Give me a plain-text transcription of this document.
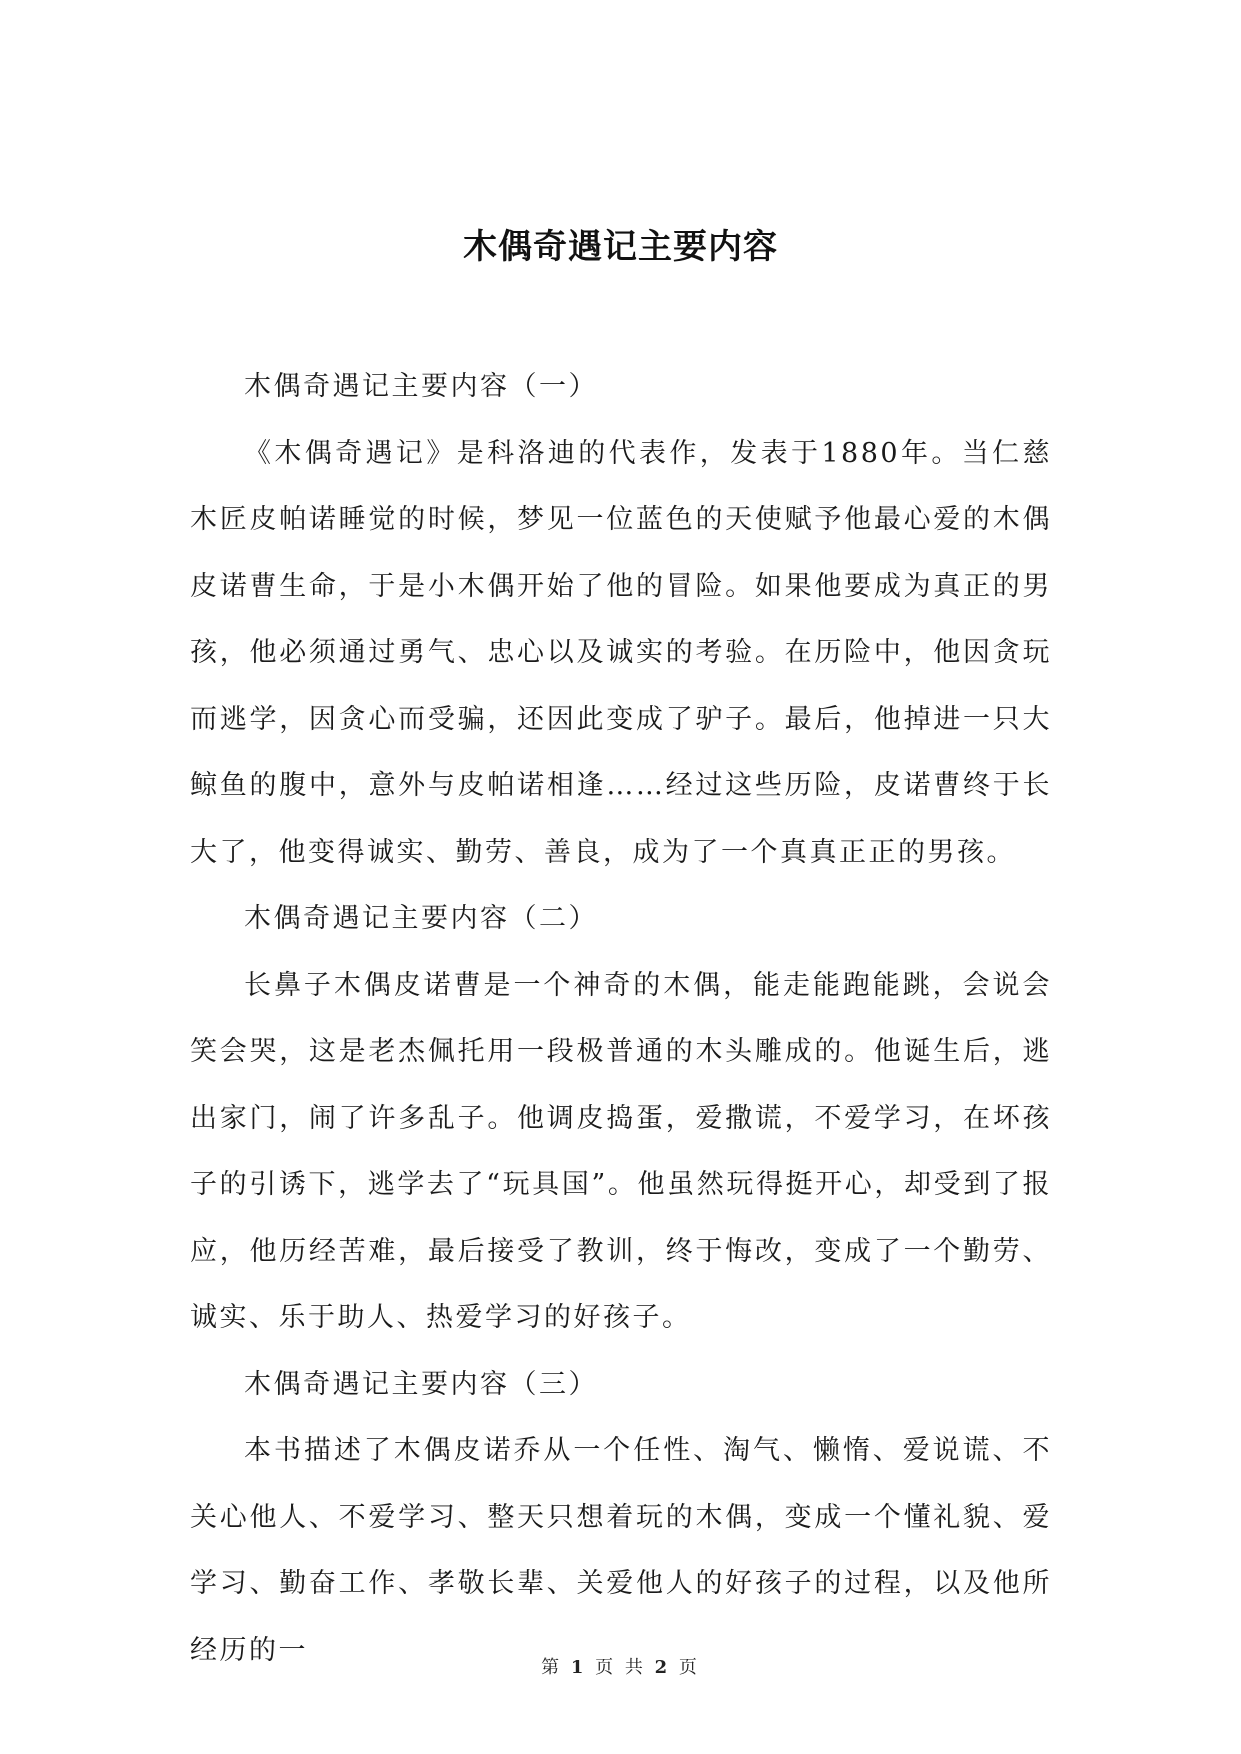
木偶奇遇记主要内容

木偶奇遇记主要内容（一）

《木偶奇遇记》是科洛迪的代表作，发表于1880年。当仁慈木匠皮帕诺睡觉的时候，梦见一位蓝色的天使赋予他最心爱的木偶皮诺曹生命，于是小木偶开始了他的冒险。如果他要成为真正的男孩，他必须通过勇气、忠心以及诚实的考验。在历险中，他因贪玩而逃学，因贪心而受骗，还因此变成了驴子。最后，他掉进一只大鲸鱼的腹中，意外与皮帕诺相逢……经过这些历险，皮诺曹终于长大了，他变得诚实、勤劳、善良，成为了一个真真正正的男孩。

木偶奇遇记主要内容（二）

长鼻子木偶皮诺曹是一个神奇的木偶，能走能跑能跳，会说会笑会哭，这是老杰佩托用一段极普通的木头雕成的。他诞生后，逃出家门，闹了许多乱子。他调皮捣蛋，爱撒谎，不爱学习，在坏孩子的引诱下，逃学去了“玩具国”。他虽然玩得挺开心，却受到了报应，他历经苦难，最后接受了教训，终于悔改，变成了一个勤劳、诚实、乐于助人、热爱学习的好孩子。

木偶奇遇记主要内容（三）

本书描述了木偶皮诺乔从一个任性、淘气、懒惰、爱说谎、不关心他人、不爱学习、整天只想着玩的木偶，变成一个懂礼貌、爱学习、勤奋工作、孝敬长辈、关爱他人的好孩子的过程，以及他所经历的一

第 1 页 共 2 页
